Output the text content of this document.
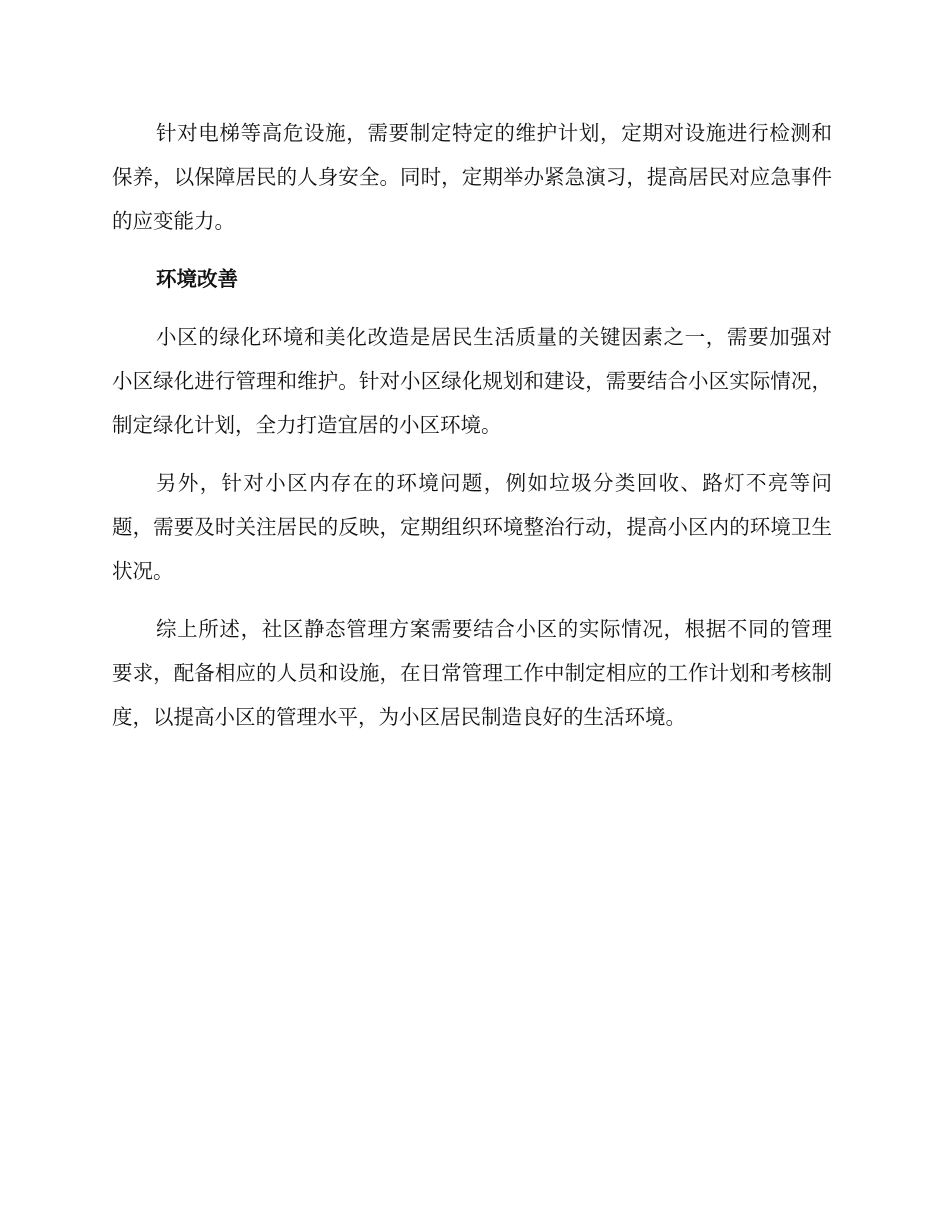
针对电梯等高危设施，需要制定特定的维护计划，定期对设施进行检测和保养，以保障居民的人身安全。同时，定期举办紧急演习，提高居民对应急事件的应变能力。

环境改善

小区的绿化环境和美化改造是居民生活质量的关键因素之一，需要加强对小区绿化进行管理和维护。针对小区绿化规划和建设，需要结合小区实际情况，制定绿化计划，全力打造宜居的小区环境。

另外，针对小区内存在的环境问题，例如垃圾分类回收、路灯不亮等问题，需要及时关注居民的反映，定期组织环境整治行动，提高小区内的环境卫生状况。

综上所述，社区静态管理方案需要结合小区的实际情况，根据不同的管理要求，配备相应的人员和设施，在日常管理工作中制定相应的工作计划和考核制度，以提高小区的管理水平，为小区居民制造良好的生活环境。
